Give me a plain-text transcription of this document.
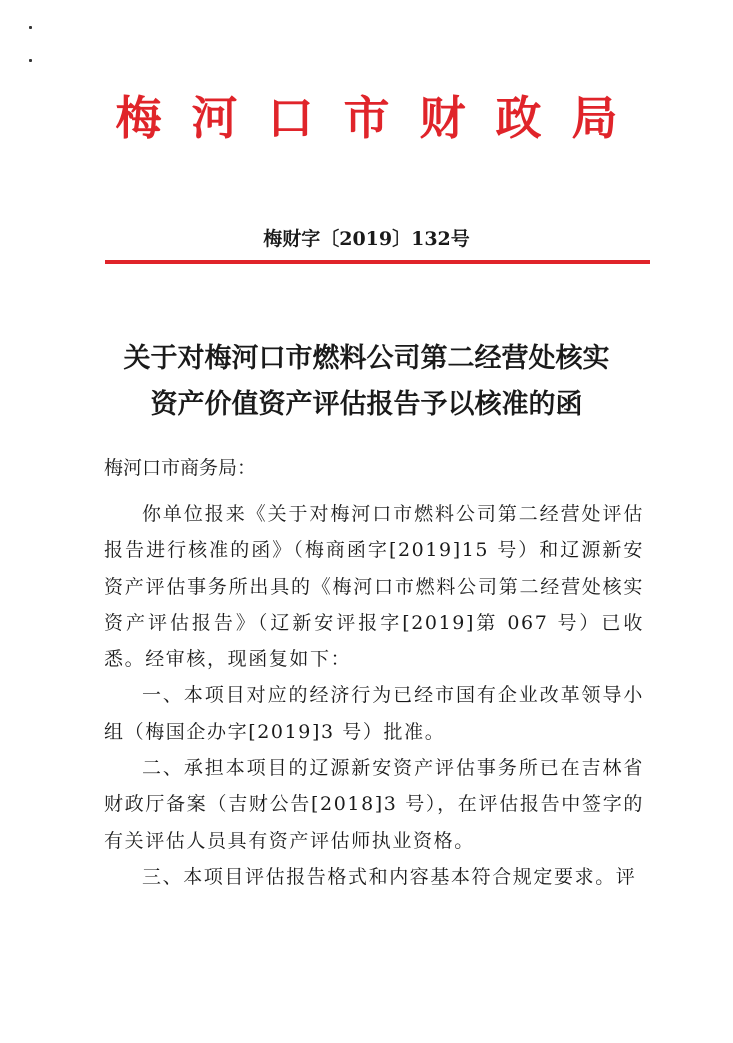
梅河口市财政局
梅财字〔2019〕132号
关于对梅河口市燃料公司第二经营处核实
资产价值资产评估报告予以核准的函
梅河口市商务局：

你单位报来《关于对梅河口市燃料公司第二经营处评估报告进行核准的函》（梅商函字[2019]15 号）和辽源新安资产评估事务所出具的《梅河口市燃料公司第二经营处核实资产评估报告》（辽新安评报字[2019]第 067 号）已收悉。经审核，现函复如下：

一、本项目对应的经济行为已经市国有企业改革领导小组（梅国企办字[2019]3 号）批准。

二、承担本项目的辽源新安资产评估事务所已在吉林省财政厅备案（吉财公告[2018]3 号），在评估报告中签字的有关评估人员具有资产评估师执业资格。

三、本项目评估报告格式和内容基本符合规定要求。评
